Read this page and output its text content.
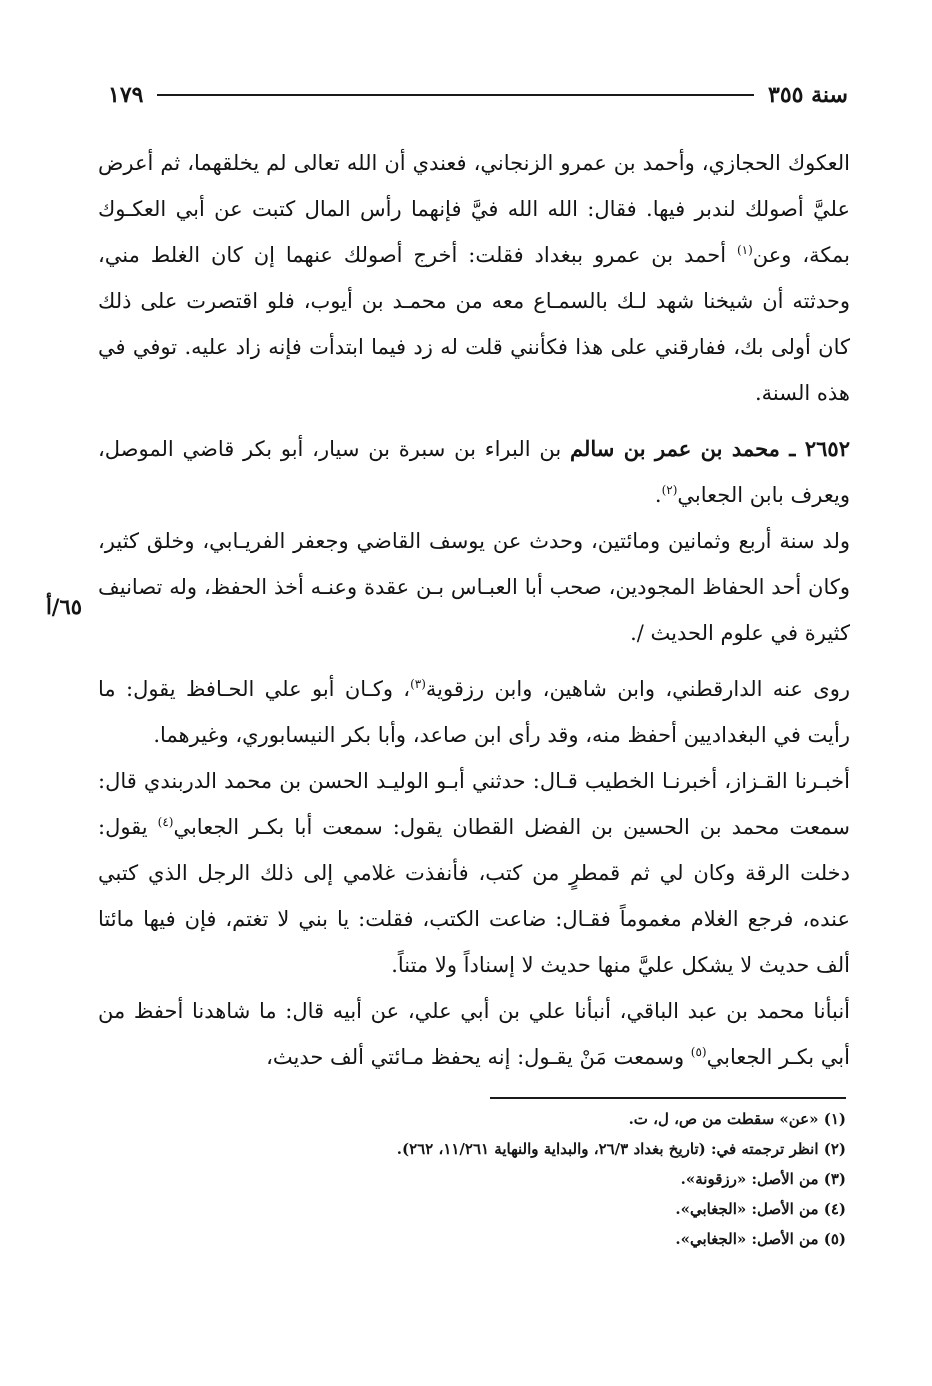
سنة ٣٥٥
١٧٩
٦٥/أ

العكوك الحجازي، وأحمد بن عمرو الزنجاني، فعندي أن الله تعالى لم يخلقهما، ثم أعرض عليَّ أصولك لندبر فيها. فقال: الله الله فيَّ فإنهما رأس المال كتبت عن أبي العكـوك بمكة، وعن$^{(١)}$ أحمد بن عمرو ببغداد فقلت: أخرج أصولك عنهما إن كان الغلط مني، وحدثته أن شيخنا شهد لـك بالسمـاع معه من محمـد بن أيوب، فلو اقتصرت على ذلك كان أولى بك، ففارقني على هذا فكأنني قلت له زد فيما ابتدأت فإنه زاد عليه. توفي في هذه السنة.

٢٦٥٢ ـ محمد بن عمر بن سالم بن البراء بن سبرة بن سيار، أبو بكر قاضي الموصل، ويعرف بابن الجعابي$^{(٢)}$.

ولد سنة أربع وثمانين ومائتين، وحدث عن يوسف القاضي وجعفر الفريـابي، وخلق كثير، وكان أحد الحفاظ المجودين، صحب أبا العبـاس بـن عقدة وعنـه أخذ الحفظ، وله تصانيف كثيرة في علوم الحديث /.

روى عنه الدارقطني، وابن شاهين، وابن رزقوية$^{(٣)}$، وكـان أبو علي الحـافظ يقول: ما رأيت في البغداديين أحفظ منه، وقد رأى ابن صاعد، وأبا بكر النيسابوري، وغيرهما.

أخبـرنا القـزاز، أخبرنـا الخطيب قـال: حدثني أبـو الوليـد الحسن بن محمد الدربندي قال: سمعت محمد بن الحسين بن الفضل القطان يقول: سمعت أبا بكـر الجعابي$^{(٤)}$ يقول: دخلت الرقة وكان لي ثم قمطرٍ من كتب، فأنفذت غلامي إلى ذلك الرجل الذي كتبي عنده، فرجع الغلام مغموماً فقـال: ضاعت الكتب، فقلت: يا بني لا تغتم، فإن فيها مائتا ألف حديث لا يشكل عليَّ منها حديث لا إسناداً ولا متناً.

أنبأنا محمد بن عبد الباقي، أنبأنا علي بن أبي علي، عن أبيه قال: ما شاهدنا أحفظ من أبي بكـر الجعابي$^{(٥)}$ وسمعت مَنْ يقـول: إنه يحفظ مـائتي ألف حديث،

(١) «عن» سقطت من ص، ل، ت.
(٢) انظر ترجمته في: (تاريخ بغداد ٢٦/٣، والبداية والنهاية ١١/٢٦١، ٢٦٢).
(٣) من الأصل: «رزقونة».
(٤) من الأصل: «الجغابي».
(٥) من الأصل: «الجغابي».
